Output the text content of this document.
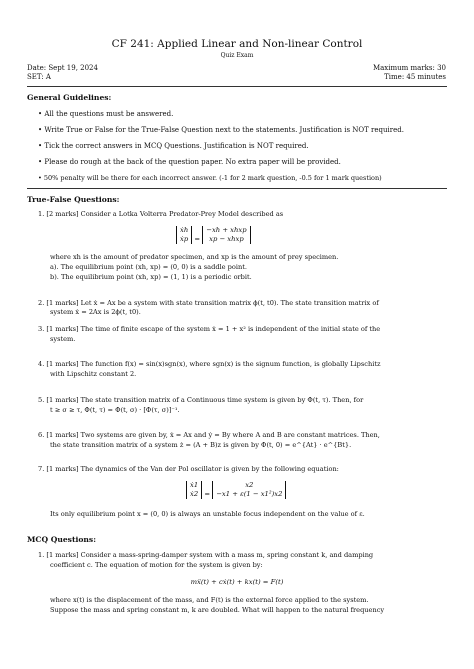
CF 241: Applied Linear and Non-linear Control
Quiz Exam
Date: Sept 19, 2024
SET: A
Maximum marks: 30
Time: 45 minutes
General Guidelines:
• All the questions must be answered.
• Write True or False for the True-False Question next to the statements. Justification is NOT required.
• Tick the correct answers in MCQ Questions. Justification is NOT required.
• Please do rough at the back of the question paper. No extra paper will be provided.
• 50% penalty will be there for each incorrect answer. (-1 for 2 mark question, -0.5 for 1 mark question)
True-False Questions:
1. [2 marks] Consider a Lotka Volterra Predator-Prey Model described as
ẋh
ẋp = −xh + xhxp
xp − xhxp
where xh is the amount of predator specimen, and xp is the amount of prey specimen.
a). The equilibrium point (xh, xp) = (0, 0) is a saddle point.
b). The equilibrium point (xh, xp) = (1, 1) is a periodic orbit.
2. [1 marks] Let ẋ = Ax be a system with state transition matrix ϕ(t, t0). The state transition matrix of
system ẋ = 2Ax is 2ϕ(t, t0).
3. [1 marks] The time of finite escape of the system ẋ = 1 + x² is independent of the initial state of the
system.
4. [1 marks] The function f(x) = sin(x)sgn(x), where sgn(x) is the signum function, is globally Lipschitz
with Lipschitz constant 2.
5. [1 marks] The state transition matrix of a Continuous time system is given by Φ(t, τ). Then, for
t ≥ σ ≥ τ, Φ(t, τ) = Φ(t, σ) · [Φ(τ, σ)]⁻¹.
6. [1 marks] Two systems are given by, ẋ = Ax and ẏ = By where A and B are constant matrices. Then,
the state transition matrix of a system ż = (A + B)z is given by Φ(t, 0) = e^{At} · e^{Bt}.
7. [1 marks] The dynamics of the Van der Pol oscillator is given by the following equation:
ẋ1
ẋ2 = x2
−x1 + ε(1 − x1²)x2
Its only equilibrium point x = (0, 0) is always an unstable focus independent on the value of ε.
MCQ Questions:
1. [1 marks] Consider a mass-spring-damper system with a mass m, spring constant k, and damping
coefficient c. The equation of motion for the system is given by:
mẍ(t) + cẋ(t) + kx(t) = F(t)
where x(t) is the displacement of the mass, and F(t) is the external force applied to the system.
Suppose the mass and spring constant m, k are doubled. What will happen to the natural frequency
